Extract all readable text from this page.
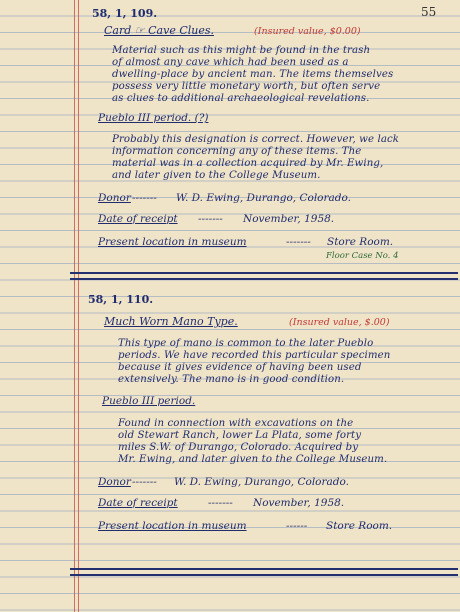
55
58, 1, 109.
Card ☞ Cave Clues.	(Insured value, $0.00)
Material such as this might be found in the trash
of almost any cave which had been used as a
dwelling-place by ancient man. The items themselves
possess very little monetary worth, but often serve
as clues to additional archaeological revelations.
Pueblo III period. (?)
Probably this designation is correct. However, we lack
information concerning any of these items. The
material was in a collection acquired by Mr. Ewing,
and later given to the College Museum.
Donor ------- W. D. Ewing, Durango, Colorado.
Date of receipt ------- November, 1958.
Present location in museum	------- Store Room.
Floor Case No. 4
58, 1, 110.
Much Worn Mano Type.	(Insured value, $.00)
This type of mano is common to the later Pueblo
periods. We have recorded this particular specimen
because it gives evidence of having been used
extensively. The mano is in good condition.
Pueblo III period.
Found in connection with excavations on the
old Stewart Ranch, lower La Plata, some forty
miles S.W. of Durango, Colorado. Acquired by
Mr. Ewing, and later given to the College Museum.
Donor ------- W. D. Ewing, Durango, Colorado.
Date of receipt	------- November, 1958.
Present location in museum	------ Store Room.
